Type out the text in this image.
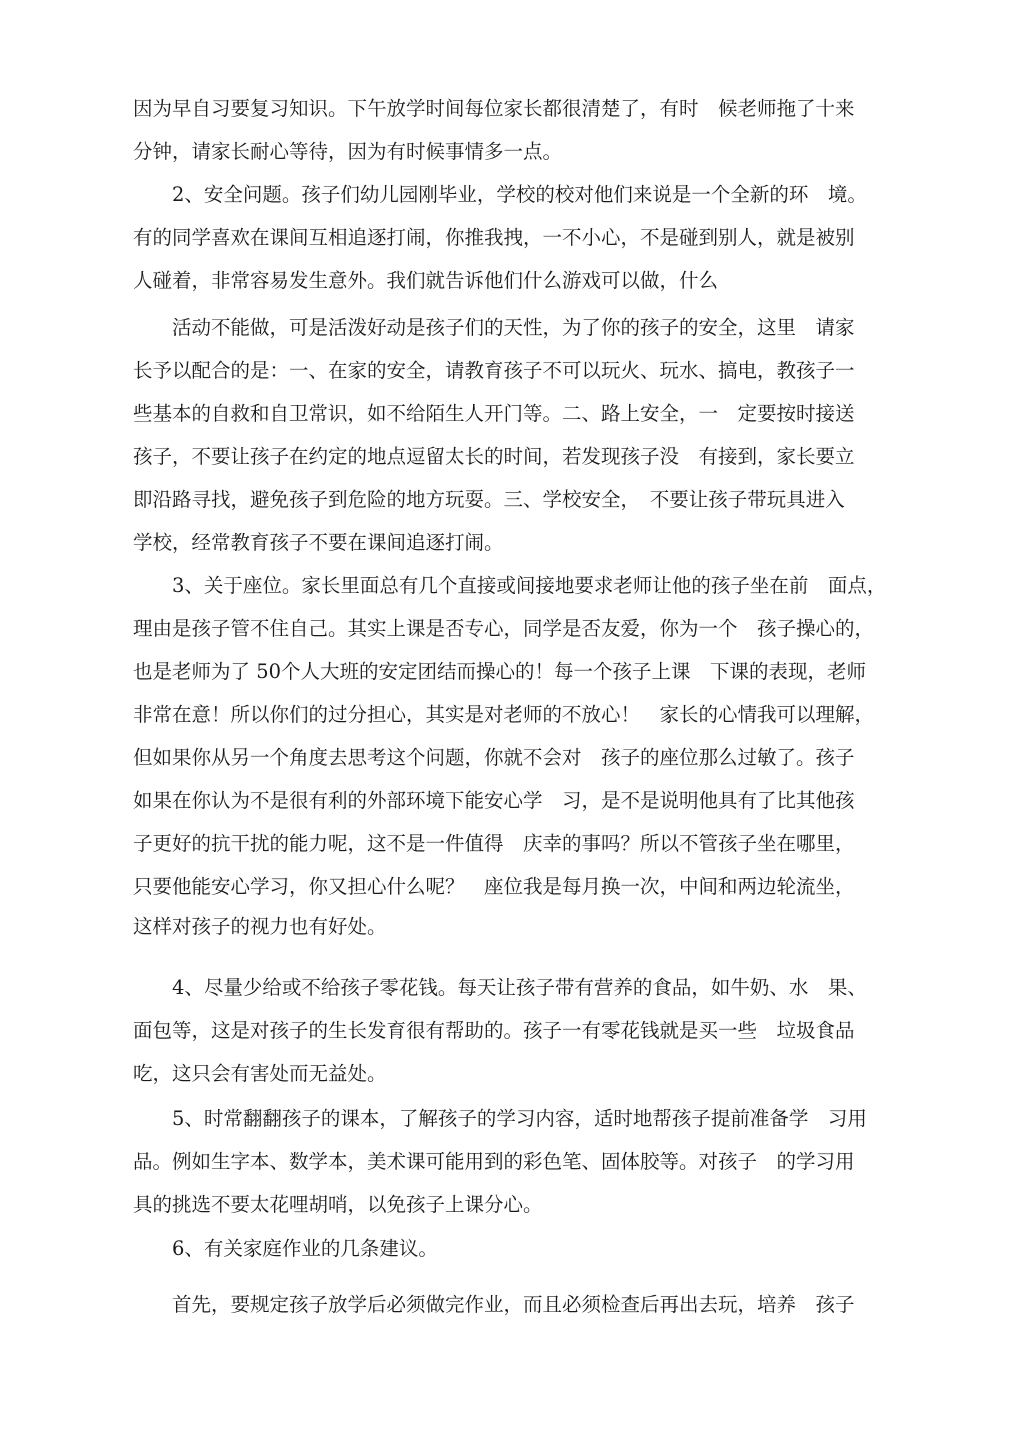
因为早自习要复习知识。下午放学时间每位家长都很清楚了，有时　候老师拖了十来
分钟，请家长耐心等待，因为有时候事情多一点。
2、安全问题。孩子们幼儿园刚毕业，学校的校对他们来说是一个全新的环　境。
有的同学喜欢在课间互相追逐打闹，你推我拽，一不小心，不是碰到别人，就是被别
人碰着，非常容易发生意外。我们就告诉他们什么游戏可以做，什么
活动不能做，可是活泼好动是孩子们的天性，为了你的孩子的安全，这里　请家
长予以配合的是：一、在家的安全，请教育孩子不可以玩火、玩水、搞电，教孩子一
些基本的自救和自卫常识，如不给陌生人开门等。二、路上安全，一　定要按时接送
孩子，不要让孩子在约定的地点逗留太长的时间，若发现孩子没　有接到，家长要立
即沿路寻找，避免孩子到危险的地方玩耍。三、学校安全，　不要让孩子带玩具进入
学校，经常教育孩子不要在课间追逐打闹。
3、关于座位。家长里面总有几个直接或间接地要求老师让他的孩子坐在前　面点，
理由是孩子管不住自己。其实上课是否专心，同学是否友爱，你为一个　孩子操心的，
也是老师为了 50个人大班的安定团结而操心的！每一个孩子上课　下课的表现，老师
非常在意！所以你们的过分担心，其实是对老师的不放心！　家长的心情我可以理解，
但如果你从另一个角度去思考这个问题，你就不会对　孩子的座位那么过敏了。孩子
如果在你认为不是很有利的外部环境下能安心学　习，是不是说明他具有了比其他孩
子更好的抗干扰的能力呢，这不是一件值得　庆幸的事吗？所以不管孩子坐在哪里，
只要他能安心学习，你又担心什么呢？　座位我是每月换一次，中间和两边轮流坐，
这样对孩子的视力也有好处。
4、尽量少给或不给孩子零花钱。每天让孩子带有营养的食品，如牛奶、水　果、
面包等，这是对孩子的生长发育很有帮助的。孩子一有零花钱就是买一些　垃圾食品
吃，这只会有害处而无益处。
5、时常翻翻孩子的课本，了解孩子的学习内容，适时地帮孩子提前准备学　习用
品。例如生字本、数学本，美术课可能用到的彩色笔、固体胶等。对孩子　的学习用
具的挑选不要太花哩胡哨，以免孩子上课分心。
6、有关家庭作业的几条建议。
首先，要规定孩子放学后必须做完作业，而且必须检查后再出去玩，培养　孩子
